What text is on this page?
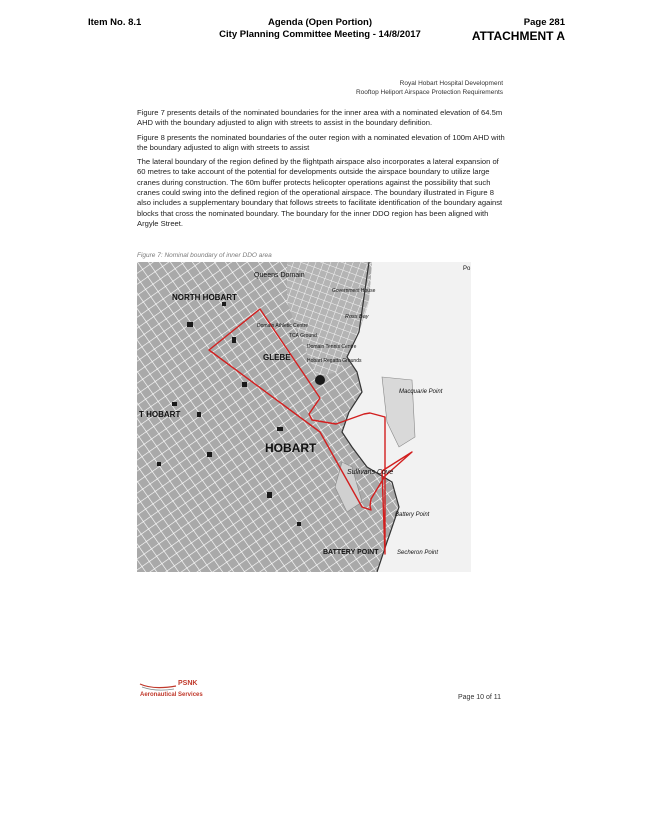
Item No. 8.1	Agenda (Open Portion)
City Planning Committee Meeting - 14/8/2017
Page 281
ATTACHMENT A
Royal Hobart Hospital Development
Rooftop Heliport Airspace Protection Requirements

Figure 7 presents details of the nominated boundaries for the inner area with a nominated elevation of 64.5m AHD with the boundary adjusted to align with streets to assist in the boundary definition.

Figure 8 presents the nominated boundaries of the outer region with a nominated elevation of 100m AHD with the boundary adjusted to align with streets to assist

The lateral boundary of the region defined by the flightpath airspace also incorporates a lateral expansion of 60 metres to take account of the potential for developments outside the airspace boundary to utilize large cranes during construction. The 60m buffer protects helicopter operations against the possibility that such cranes could swing into the defined region of the operational airspace. The boundary illustrated in Figure 8 also includes a supplementary boundary that follows streets to facilitate identification of the boundary against blocks that cross the nominated boundary. The boundary for the inner DDO region has been aligned with Argyle Street.

Figure 7: Nominal boundary of inner DDO area
Queens Domain
NORTH HOBART
Domain Athletic Centre
Government House
TCA Ground
GLEBE
Domain Tennis Centre
Ross Bay
Hobart Regatta Grounds
Macquarie Point
T HOBART
HOBART
Sullivans Cove
Battery Point
BATTERY POINT	Secheron Point
Po
PSNK
Aeronautical Services	Page 10 of 11
